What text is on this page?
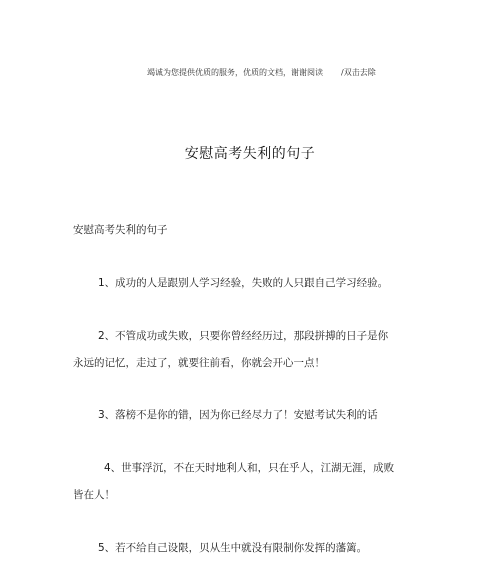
竭诚为您提供优质的服务，优质的文档，谢谢阅读 /双击去除
安慰高考失利的句子
安慰高考失利的句子
1、成功的人是跟别人学习经验，失败的人只跟自己学习经验。
2、不管成功或失败，只要你曾经经历过，那段拼搏的日子是你
永远的记忆，走过了，就要往前看，你就会开心一点！
3、落榜不是你的错，因为你已经尽力了！安慰考试失利的话
4、世事浮沉，不在天时地利人和，只在乎人，江湖无涯，成败
皆在人！
5、若不给自己设限，贝从生中就没有限制你发挥的藩篱。
